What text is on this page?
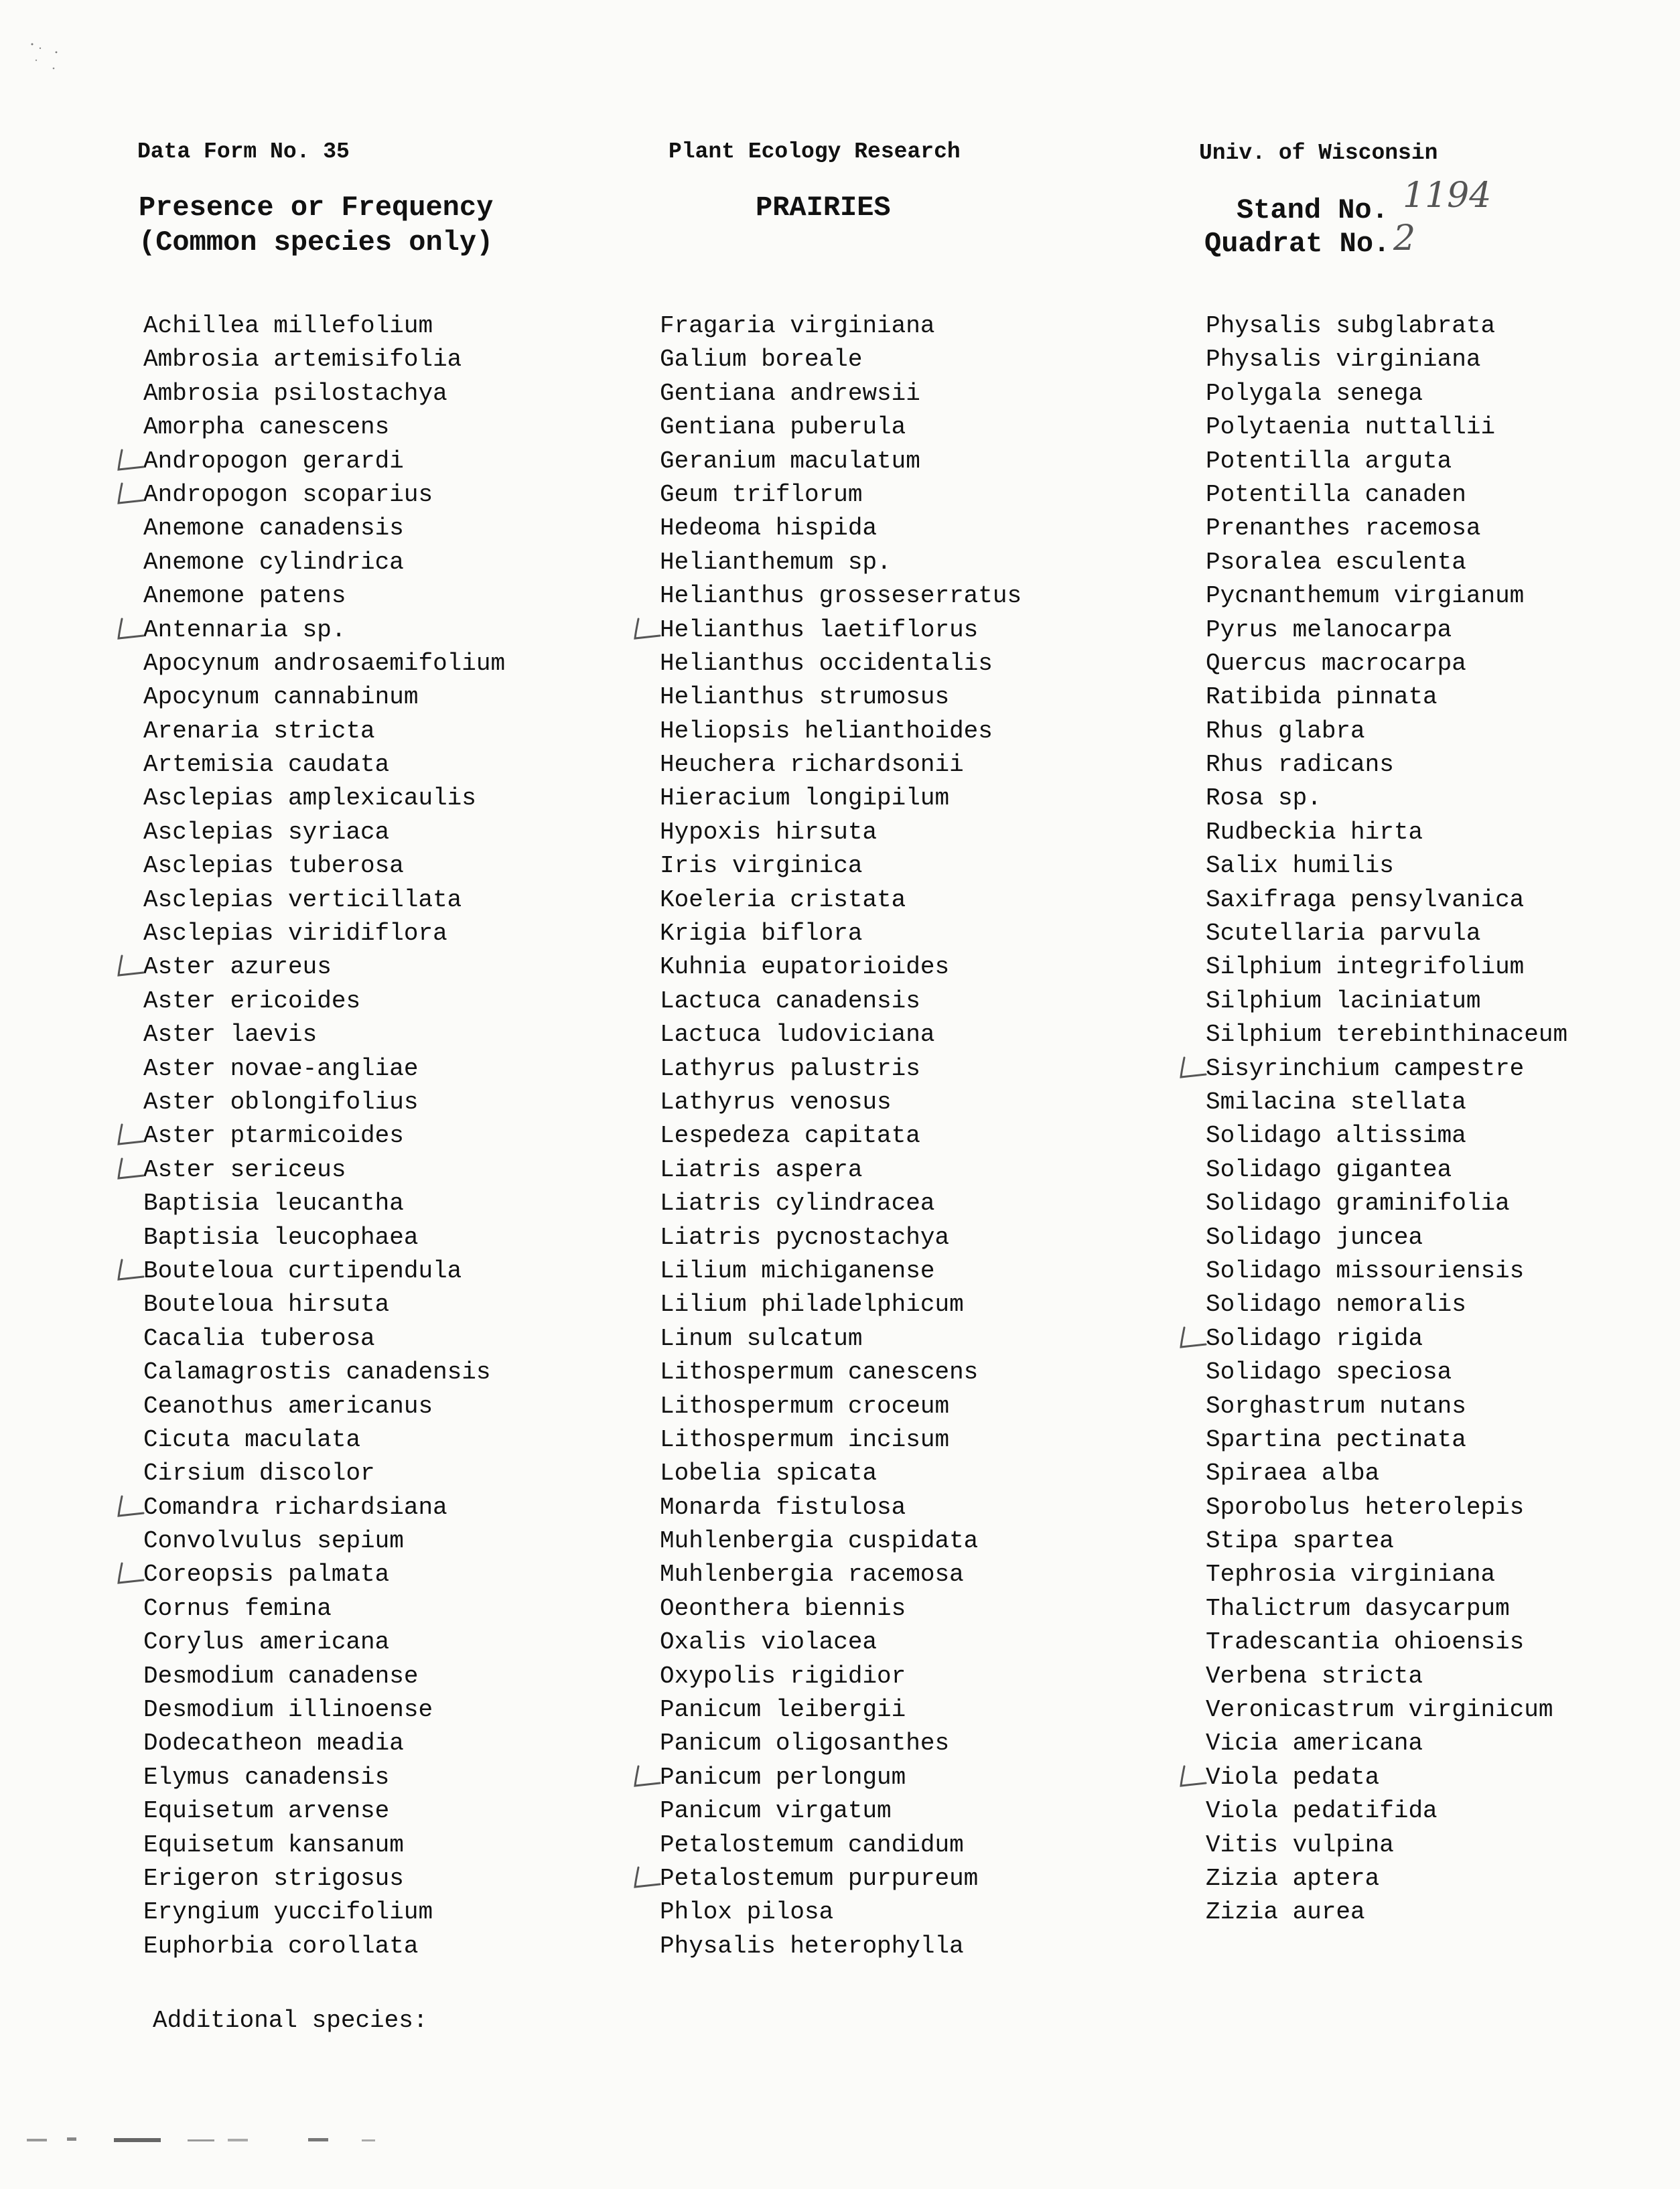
Data Form No. 35	Plant Ecology Research	Univ. of Wisconsin
Presence or Frequency
(Common species only)
PRAIRIES	Stand No. 1194
Quadrat No. 2
Achillea millefolium
Ambrosia artemisifolia
Ambrosia psilostachya
Amorpha canescens
Andropogon gerardi
Andropogon scoparius
Anemone canadensis
Anemone cylindrica
Anemone patens
Antennaria sp.
Apocynum androsaemifolium
Apocynum cannabinum
Arenaria stricta
Artemisia caudata
Asclepias amplexicaulis
Asclepias syriaca
Asclepias tuberosa
Asclepias verticillata
Asclepias viridiflora
Aster azureus
Aster ericoides
Aster laevis
Aster novae-angliae
Aster oblongifolius
Aster ptarmicoides
Aster sericeus
Baptisia leucantha
Baptisia leucophaea
Bouteloua curtipendula
Bouteloua hirsuta
Cacalia tuberosa
Calamagrostis canadensis
Ceanothus americanus
Cicuta maculata
Cirsium discolor
Comandra richardsiana
Convolvulus sepium
Coreopsis palmata
Cornus femina
Corylus americana
Desmodium canadense
Desmodium illinoense
Dodecatheon meadia
Elymus canadensis
Equisetum arvense
Equisetum kansanum
Erigeron strigosus
Eryngium yuccifolium
Euphorbia corollata
Fragaria virginiana
Galium boreale
Gentiana andrewsii
Gentiana puberula
Geranium maculatum
Geum triflorum
Hedeoma hispida
Helianthemum sp.
Helianthus grosseserratus
Helianthus laetiflorus
Helianthus occidentalis
Helianthus strumosus
Heliopsis helianthoides
Heuchera richardsonii
Hieracium longipilum
Hypoxis hirsuta
Iris virginica
Koeleria cristata
Krigia biflora
Kuhnia eupatorioides
Lactuca canadensis
Lactuca ludoviciana
Lathyrus palustris
Lathyrus venosus
Lespedeza capitata
Liatris aspera
Liatris cylindracea
Liatris pycnostachya
Lilium michiganense
Lilium philadelphicum
Linum sulcatum
Lithospermum canescens
Lithospermum croceum
Lithospermum incisum
Lobelia spicata
Monarda fistulosa
Muhlenbergia cuspidata
Muhlenbergia racemosa
Oeonthera biennis
Oxalis violacea
Oxypolis rigidior
Panicum leibergii
Panicum oligosanthes
Panicum perlongum
Panicum virgatum
Petalostemum candidum
Petalostemum purpureum
Phlox pilosa
Physalis heterophylla
Physalis subglabrata
Physalis virginiana
Polygala senega
Polytaenia nuttallii
Potentilla arguta
Potentilla canaden
Prenanthes racemosa
Psoralea esculenta
Pycnanthemum virgianum
Pyrus melanocarpa
Quercus macrocarpa
Ratibida pinnata
Rhus glabra
Rhus radicans
Rosa sp.
Rudbeckia hirta
Salix humilis
Saxifraga pensylvanica
Scutellaria parvula
Silphium integrifolium
Silphium laciniatum
Silphium terebinthinaceum
Sisyrinchium campestre
Smilacina stellata
Solidago altissima
Solidago gigantea
Solidago graminifolia
Solidago juncea
Solidago missouriensis
Solidago nemoralis
Solidago rigida
Solidago speciosa
Sorghastrum nutans
Spartina pectinata
Spiraea alba
Sporobolus heterolepis
Stipa spartea
Tephrosia virginiana
Thalictrum dasycarpum
Tradescantia ohioensis
Verbena stricta
Veronicastrum virginicum
Vicia americana
Viola pedata
Viola pedatifida
Vitis vulpina
Zizia aptera
Zizia aurea
Additional species:
